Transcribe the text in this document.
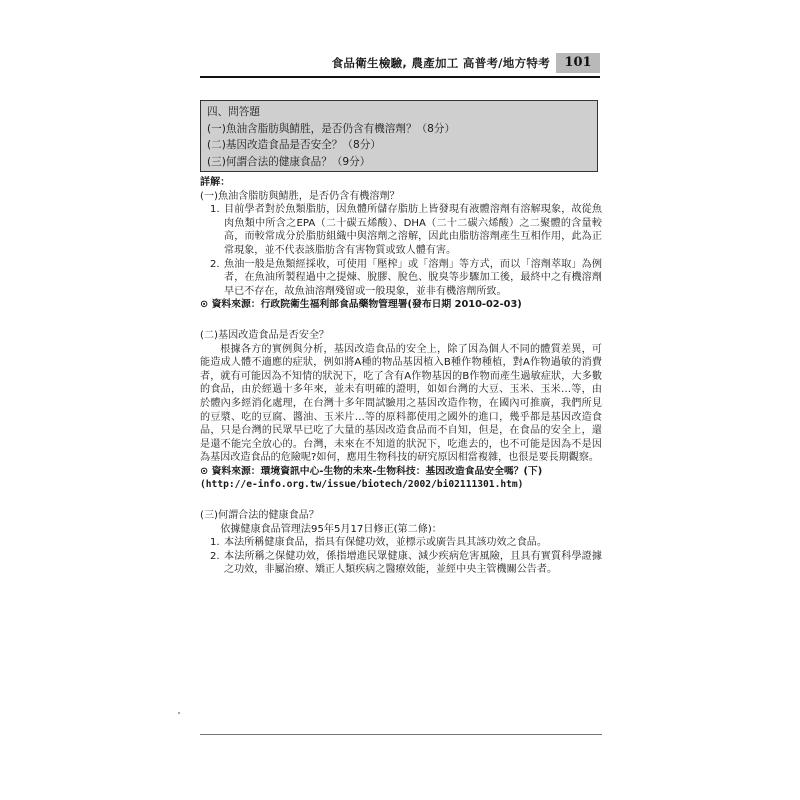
食品衛生檢驗, 農產加工 高普考/地方特考	101
四、問答題
(一)魚油含脂肪與鯖胜，是否仍含有機溶劑？（8分）
(二)基因改造食品是否安全？（8分）
(三)何謂合法的健康食品？（9分）

詳解：

(一)魚油含脂肪與鯖胜，是否仍含有機溶劑？

1. 目前學者對於魚類脂肪，因魚體所儲存脂肪上皆發現有液體溶劑有溶解現象，故從魚肉魚類中所含之EPA（二十碳五烯酸）、DHA（二十二碳六烯酸）之二聚體的含量較高，而較常成分於脂肪組織中與溶劑之溶解，因此由脂肪溶劑產生互相作用，此為正常現象，並不代表該脂肪含有害物質或致人體有害。

2. 魚油一般是魚類經採收，可使用「壓榨」或「溶劑」等方式，而以「溶劑萃取」為例者，在魚油所製程過中之提煉、脫膠、脫色、脫臭等步驟加工後，最終中之有機溶劑早已不存在，故魚油溶劑殘留或一般現象，並非有機溶劑所致。

⊙ 資料來源：行政院衛生福利部食品藥物管理署(發布日期 2010-02-03)

(二)基因改造食品是否安全？

根據各方的實例與分析，基因改造食品的安全上，除了因為個人不同的體質差異，可能造成人體不適應的症狀，例如將A種的物品基因植入B種作物種植，對A作物過敏的消費者，就有可能因為不知情的狀況下，吃了含有A作物基因的B作物而產生過敏症狀，大多數的食品，由於經過十多年來，並未有明確的證明，如如台灣的大豆、玉米、玉米…等，由於體內多經消化處理，在台灣十多年間試驗用之基因改造作物，在國內可推廣，我們所見的豆漿、吃的豆腐、醬油、玉米片…等的原料都使用之國外的進口，幾乎都是基因改造食品，只是台灣的民眾早已吃了大量的基因改造食品而不自知，但是，在食品的安全上，還是還不能完全放心的。台灣，未來在不知道的狀況下，吃進去的，也不可能是因為不是因為基因改造食品的危險呢?如何，應用生物科技的研究原因相當複雜，也很是要長期觀察。

⊙ 資料來源：環境資訊中心-生物的未來-生物科技：基因改造食品安全嗎？(下)

(http://e-info.org.tw/issue/biotech/2002/bi02111301.htm)

(三)何謂合法的健康食品？

依據健康食品管理法95年5月17日修正(第二條)：

1. 本法所稱健康食品，指具有保健功效，並標示或廣告具其該功效之食品。

2. 本法所稱之保健功效，係指增進民眾健康、減少疾病危害風險，且具有實質科學證據之功效，非屬治療、矯正人類疾病之醫療效能，並經中央主管機關公告者。
